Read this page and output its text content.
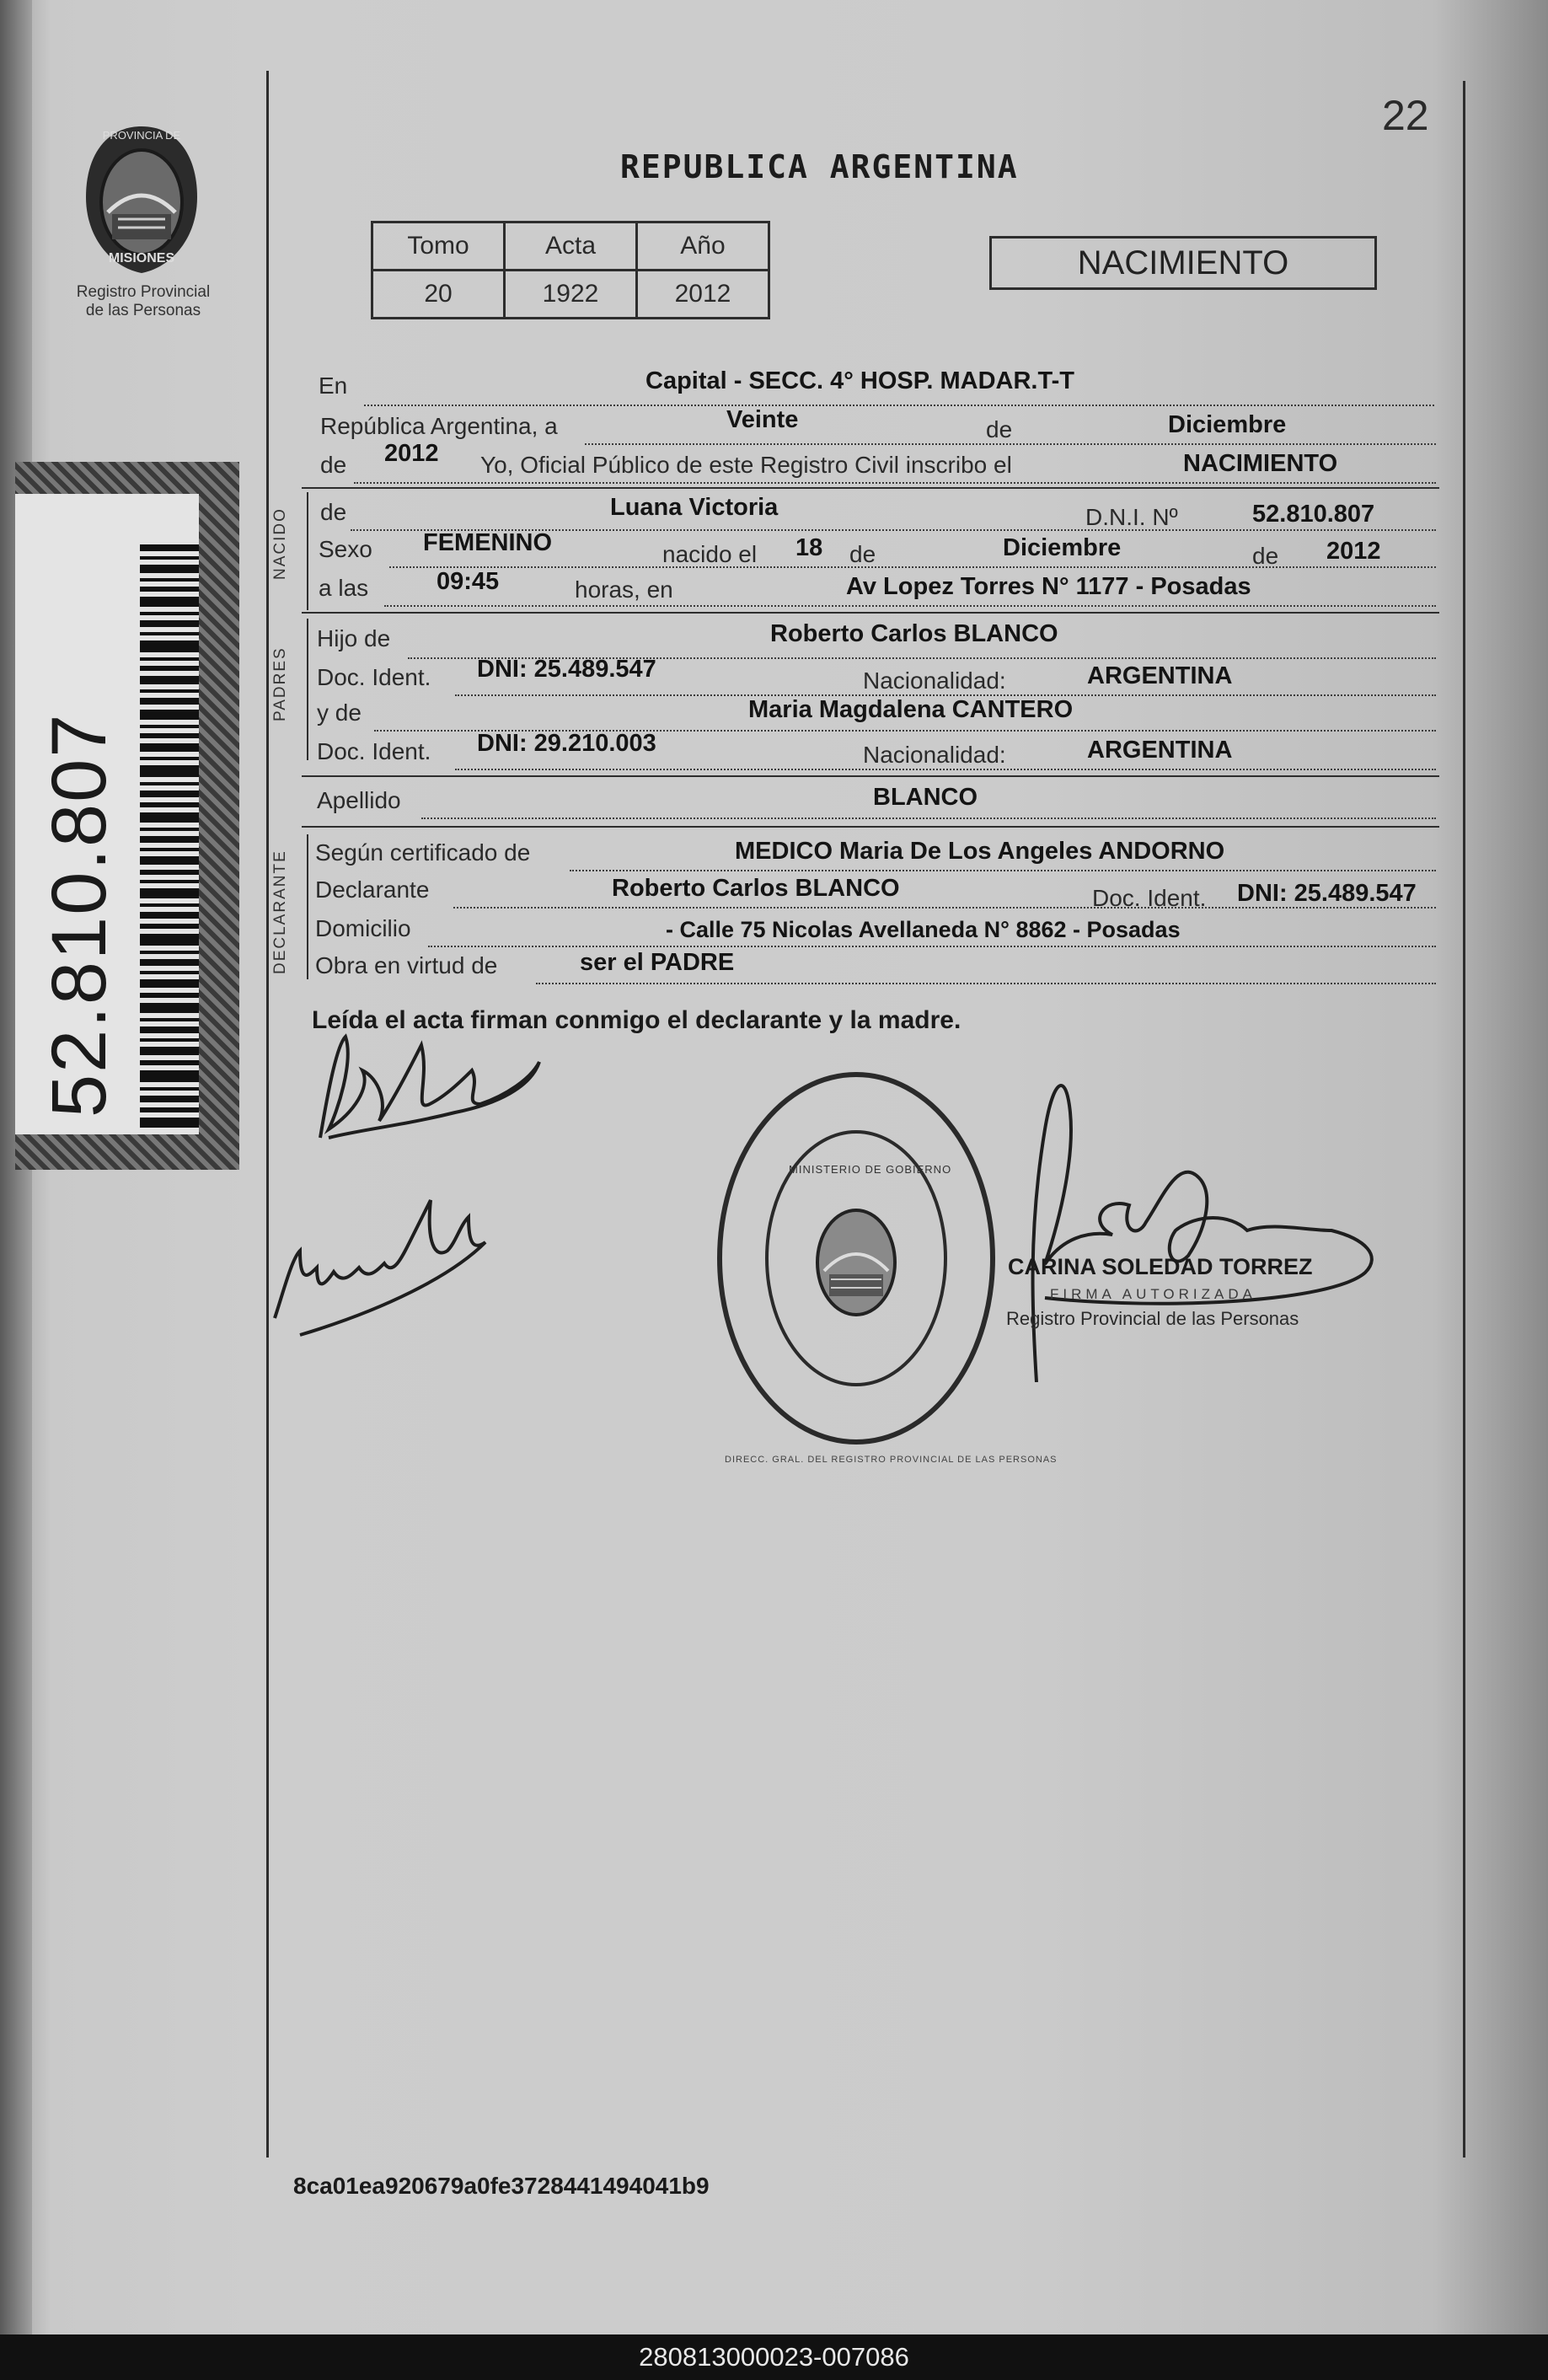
PROVINCIA DE
MISIONES
Registro Provincial
de las Personas
52.810.807
22
REPUBLICA ARGENTINA
Tomo	Acta	Año
20	1922	2012
NACIMIENTO
En	Capital - SECC. 4° HOSP. MADAR.T-T
República Argentina, a	Veinte	de	Diciembre
de 2012 Yo, Oficial Público de este Registro Civil inscribo el	NACIMIENTO
NACIDO de	Luana Victoria	D.N.I. Nº	52.810.807
Sexo FEMENINO	nacido el 18 de	Diciembre	de 2012
a las	09:45	horas, en	Av Lopez Torres N° 1177 - Posadas
PADRES
Hijo de	Roberto Carlos BLANCO
Doc. Ident. DNI: 25.489.547	Nacionalidad:	ARGENTINA
y de	Maria Magdalena CANTERO
Doc. Ident. DNI: 29.210.003	Nacionalidad:	ARGENTINA
Apellido	BLANCO
DECLARANTE Según certificado de	MEDICO Maria De Los Angeles ANDORNO
Declarante	Roberto Carlos BLANCO	Doc. Ident. DNI: 25.489.547
Domicilio	- Calle 75 Nicolas Avellaneda N° 8862 - Posadas
Obra en virtud de	ser el PADRE
Leída el acta firman conmigo el declarante y la madre.
DIRECC. GRAL. DEL REGISTRO PROVINCIAL DE LAS PERSONAS
MINISTERIO DE GOBIERNO
CARINA SOLEDAD TORREZ
FIRMA AUTORIZADA
Registro Provincial de las Personas
8ca01ea920679a0fe3728441494041b9
280813000023-007086
